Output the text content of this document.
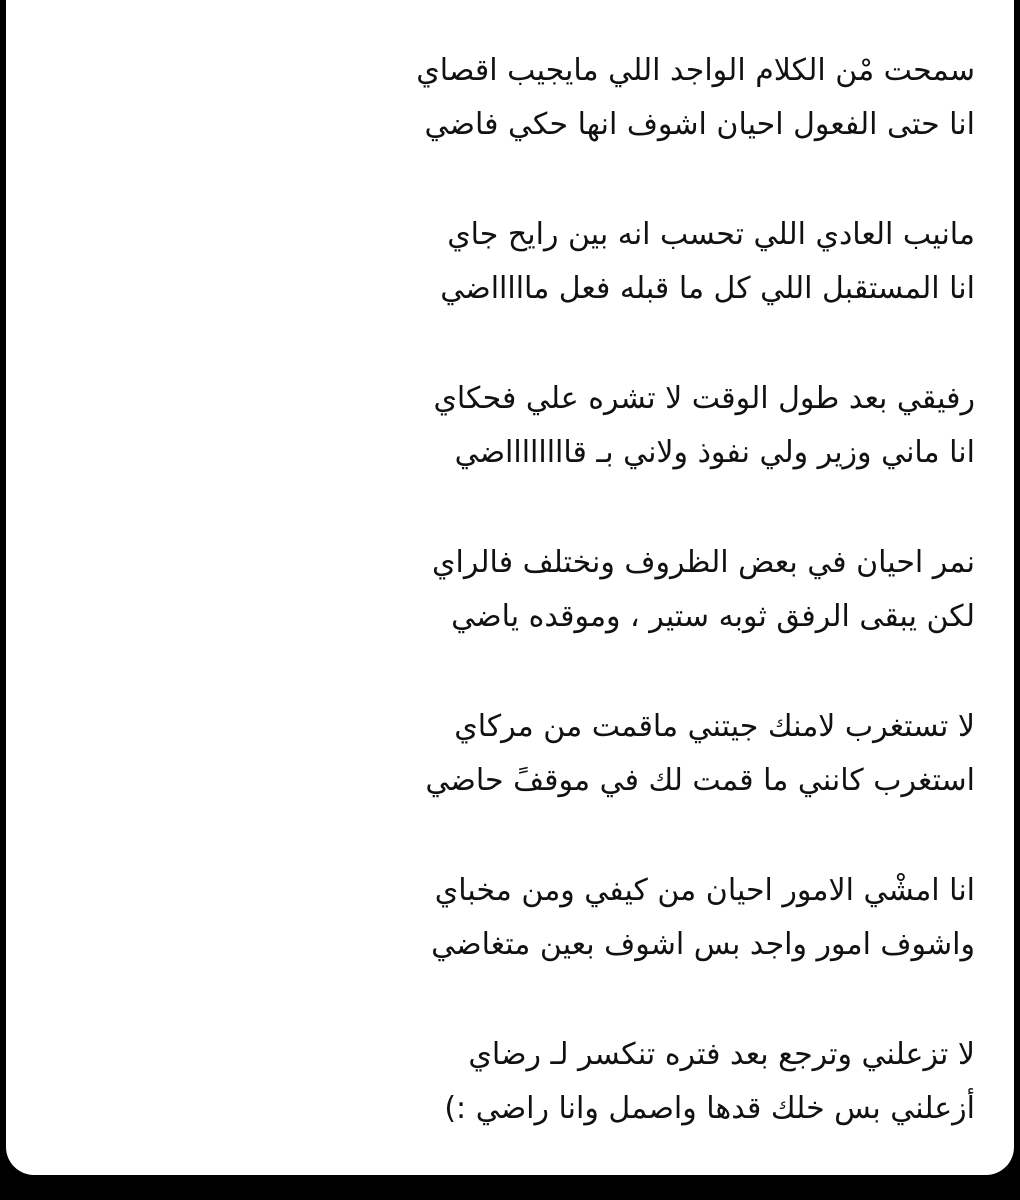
سمحت مْن الكلام الواجد اللي مايجيب اقصاي
انا حتى الفعول احيان اشوف انها حكي فاضي
مانيب العادي اللي تحسب انه بين رايح جاي
انا المستقبل اللي كل ما قبله فعل ماااااضي
رفيقي بعد طول الوقت لا تشره علي فحكاي
انا ماني وزير ولي نفوذ ولاني بـ قااااااااضي
نمر احيان في بعض الظروف ونختلف فالراي
لكن يبقى الرفق ثوبه ستير ، وموقده ياضي
لا تستغرب لامنك جيتني ماقمت من مركاي
استغرب كانني ما قمت لك في موقفً حاضي
انا امشْي الامور احيان من كيفي ومن مخباي
واشوف امور واجد بس اشوف بعين متغاضي
لا تزعلني وترجع بعد فتره تنكسر لـ رضاي
أزعلني بس خلك قدها واصمل وانا راضي :)
